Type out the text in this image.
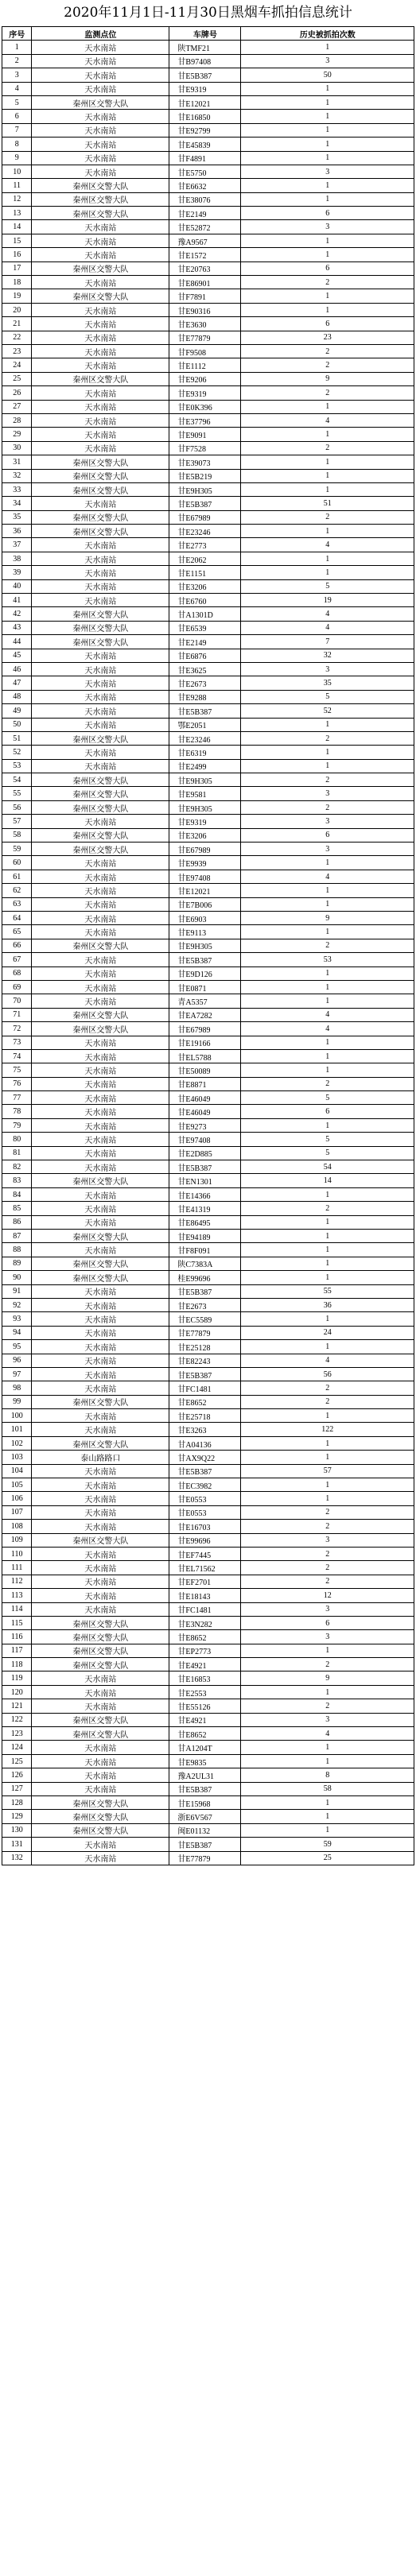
2020年11月1日-11月30日黑烟车抓拍信息统计
序号	监测点位	车牌号	历史被抓拍次数
1	天水南站	陕TMF21	1
2	天水南站	甘B97408	3
3	天水南站	甘E5B387	50
4	天水南站	甘E9319	1
5	秦州区交警大队	甘E12021	1
6	天水南站	甘E16850	1
7	天水南站	甘E92799	1
8	天水南站	甘E45839	1
9	天水南站	甘F4891	1
10	天水南站	甘E5750	3
11	秦州区交警大队	甘E6632	1
12	秦州区交警大队	甘E38076	1
13	秦州区交警大队	甘E2149	6
14	天水南站	甘E52872	3
15	天水南站	豫A9567	1
16	天水南站	甘E1572	1
17	秦州区交警大队	甘E20763	6
18	天水南站	甘E86901	2
19	秦州区交警大队	甘F7891	1
20	天水南站	甘E90316	1
21	天水南站	甘E3630	6
22	天水南站	甘E77879	23
23	天水南站	甘F9508	2
24	天水南站	甘E1112	2
25	秦州区交警大队	甘E9206	9
26	天水南站	甘E9319	2
27	天水南站	甘E0K396	1
28	天水南站	甘E37796	4
29	天水南站	甘E9091	1
30	天水南站	甘F7528	2
31	秦州区交警大队	甘E39073	1
32	秦州区交警大队	甘E5B219	1
33	秦州区交警大队	甘E9H305	1
34	天水南站	甘E5B387	51
35	秦州区交警大队	甘E67989	2
36	秦州区交警大队	甘E23246	1
37	天水南站	甘E2773	4
38	天水南站	甘E2062	1
39	天水南站	甘E1151	1
40	天水南站	甘E3206	5
41	天水南站	甘E6760	19
42	秦州区交警大队	甘A1301D	4
43	秦州区交警大队	甘E6539	4
44	秦州区交警大队	甘E2149	7
45	天水南站	甘E6876	32
46	天水南站	甘E3625	3
47	天水南站	甘E2673	35
48	天水南站	甘E9288	5
49	天水南站	甘E5B387	52
50	天水南站	鄂E2051	1
51	秦州区交警大队	甘E23246	2
52	天水南站	甘E6319	1
53	天水南站	甘E2499	1
54	秦州区交警大队	甘E9H305	2
55	秦州区交警大队	甘E9581	3
56	秦州区交警大队	甘E9H305	2
57	天水南站	甘E9319	3
58	秦州区交警大队	甘E3206	6
59	秦州区交警大队	甘E67989	3
60	天水南站	甘E9939	1
61	天水南站	甘E97408	4
62	天水南站	甘E12021	1
63	天水南站	甘E7B006	1
64	天水南站	甘E6903	9
65	天水南站	甘E9113	1
66	秦州区交警大队	甘E9H305	2
67	天水南站	甘E5B387	53
68	天水南站	甘E9D126	1
69	天水南站	甘E0871	1
70	天水南站	青A5357	1
71	秦州区交警大队	甘EA7282	4
72	秦州区交警大队	甘E67989	4
73	天水南站	甘E19166	1
74	天水南站	甘EL5788	1
75	天水南站	甘E50089	1
76	天水南站	甘E8871	2
77	天水南站	甘E46049	5
78	天水南站	甘E46049	6
79	天水南站	甘E9273	1
80	天水南站	甘E97408	5
81	天水南站	甘E2D885	5
82	天水南站	甘E5B387	54
83	秦州区交警大队	甘EN1301	14
84	天水南站	甘E14366	1
85	天水南站	甘E41319	2
86	天水南站	甘E86495	1
87	秦州区交警大队	甘E94189	1
88	天水南站	甘F8F091	1
89	秦州区交警大队	陕C7383A	1
90	秦州区交警大队	桂E99696	1
91	天水南站	甘E5B387	55
92	天水南站	甘E2673	36
93	天水南站	甘EC5589	1
94	天水南站	甘E77879	24
95	天水南站	甘E25128	1
96	天水南站	甘E82243	4
97	天水南站	甘E5B387	56
98	天水南站	甘FC1481	2
99	秦州区交警大队	甘E8652	2
100	天水南站	甘E25718	1
101	天水南站	甘E3263	122
102	秦州区交警大队	甘A04136	1
103	泰山路路口	甘AX9Q22	1
104	天水南站	甘E5B387	57
105	天水南站	甘EC3982	1
106	天水南站	甘E0553	1
107	天水南站	甘E0553	2
108	天水南站	甘E16703	2
109	秦州区交警大队	甘E99696	3
110	天水南站	甘EF7445	2
111	天水南站	甘EL71562	2
112	天水南站	甘EF2701	2
113	天水南站	甘E18143	12
114	天水南站	甘FC1481	3
115	秦州区交警大队	甘E3N282	6
116	秦州区交警大队	甘E8652	3
117	秦州区交警大队	甘EP2773	1
118	秦州区交警大队	甘E4921	2
119	天水南站	甘E16853	9
120	天水南站	甘E2553	1
121	天水南站	甘E55126	2
122	秦州区交警大队	甘E4921	3
123	秦州区交警大队	甘E8652	4
124	天水南站	甘A1204T	1
125	天水南站	甘E9835	1
126	天水南站	豫A2UL31	8
127	天水南站	甘E5B387	58
128	秦州区交警大队	甘E15968	1
129	秦州区交警大队	浙E6V567	1
130	秦州区交警大队	闽E01132	1
131	天水南站	甘E5B387	59
132	天水南站	甘E77879	25
